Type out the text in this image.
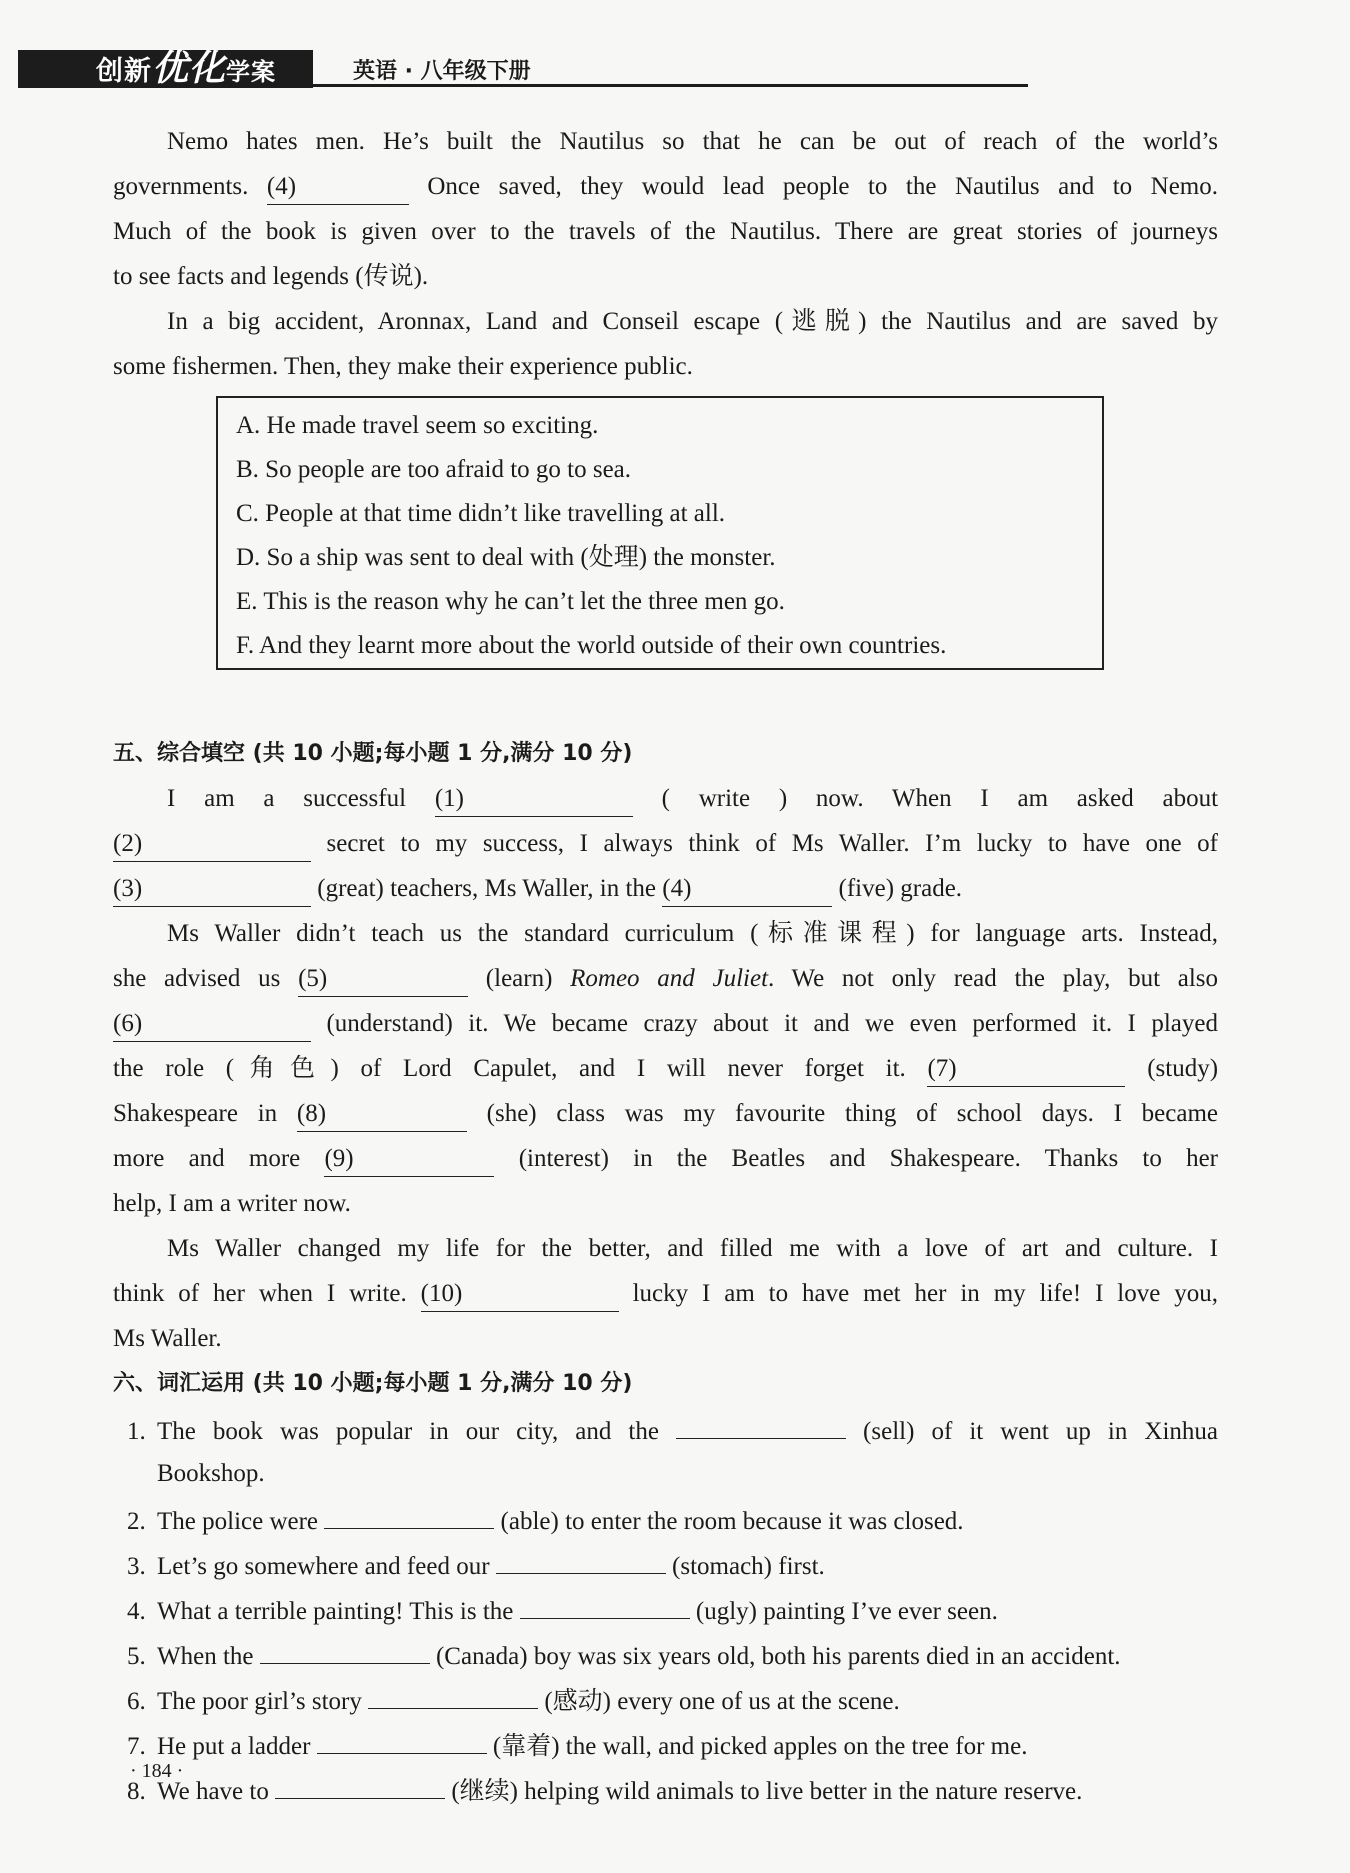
创新优化学案	英语 · 八年级下册
Nemo hates men. He’s built the Nautilus so that he can be out of reach of the world’s
governments. (4)	Once saved, they would lead people to the Nautilus and to Nemo.
Much of the book is given over to the travels of the Nautilus. There are great stories of journeys
to see facts and legends (传说).
In a big accident, Aronnax, Land and Conseil escape (逃脱) the Nautilus and are saved by
some fishermen. Then, they make their experience public.
五、综合填空 (共 10 小题;每小题 1 分,满分 10 分)
I am a successful (1)	( write ) now. When I am asked about
(2)	secret to my success, I always think of Ms Waller. I’m lucky to have one of
(3)	(great) teachers, Ms Waller, in the (4)	(five) grade.
Ms Waller didn’t teach us the standard curriculum (标准课程) for language arts. Instead,
she advised us (5)	(learn) Romeo and Juliet. We not only read the play, but also
(6)	(understand) it. We became crazy about it and we even performed it. I played
the role (角色) of Lord Capulet, and I will never forget it. (7)	(study)
Shakespeare in (8)	(she) class was my favourite thing of school days. I became
more and more (9)	(interest) in the Beatles and Shakespeare. Thanks to her
help, I am a writer now.
Ms Waller changed my life for the better, and filled me with a love of art and culture. I
think of her when I write. (10)	lucky I am to have met her in my life! I love you,
Ms Waller.
六、词汇运用 (共 10 小题;每小题 1 分,满分 10 分)
1. The book was popular in our city, and the	(sell) of it went up in Xinhua
Bookshop.
2. The police were	(able) to enter the room because it was closed.
3. Let’s go somewhere and feed our	(stomach) first.
4. What a terrible painting! This is the	(ugly) painting I’ve ever seen.
5. When the	(Canada) boy was six years old, both his parents died in an accident.
6. The poor girl’s story	(感动) every one of us at the scene.
7. He put a ladder	(靠着) the wall, and picked apples on the tree for me.
8. We have to	(继续) helping wild animals to live better in the nature reserve.
A. He made travel seem so exciting.
B. So people are too afraid to go to sea.
C. People at that time didn’t like travelling at all.
D. So a ship was sent to deal with (处理) the monster.
E. This is the reason why he can’t let the three men go.
F. And they learnt more about the world outside of their own countries.
· 184 ·
